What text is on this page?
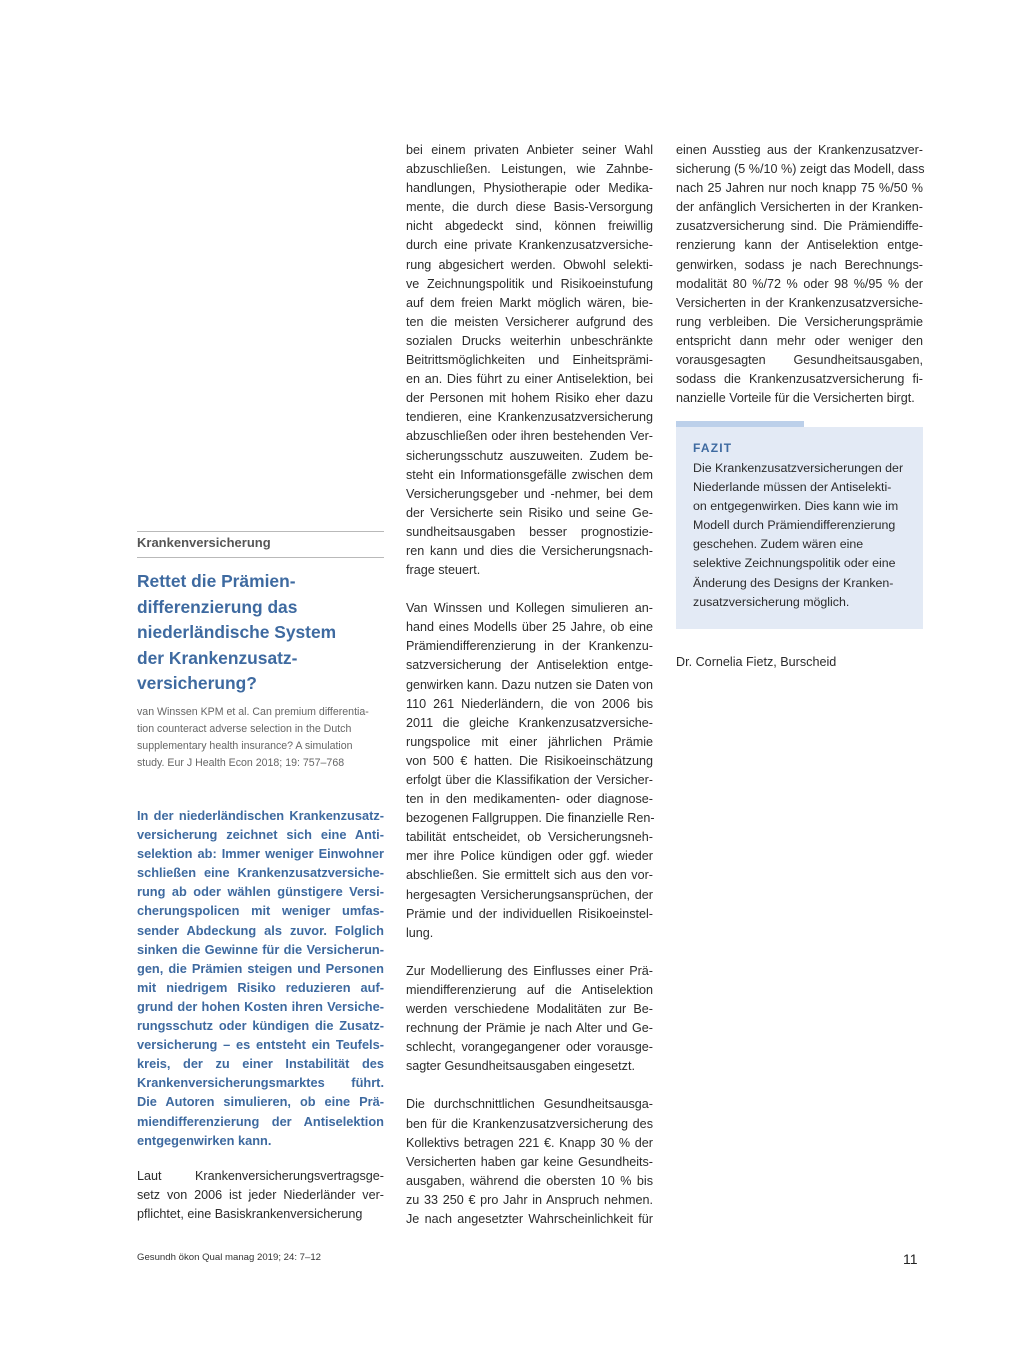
Krankenversicherung
Rettet die Prämien-
differenzierung das
niederländische System
der Krankenzusatz-
versicherung?
van Winssen KPM et al. Can premium differentia-
tion counteract adverse selection in the Dutch
supplementary health insurance? A simulation
study. Eur J Health Econ 2018; 19: 757–768
In der niederländischen Krankenzusatz-
versicherung zeichnet sich eine Anti-
selektion ab: Immer weniger Einwohner
schließen eine Krankenzusatzversiche-
rung ab oder wählen günstigere Versi-
cherungspolicen mit weniger umfas-
sender Abdeckung als zuvor. Folglich
sinken die Gewinne für die Versicherun-
gen, die Prämien steigen und Personen
mit niedrigem Risiko reduzieren auf-
grund der hohen Kosten ihren Versiche-
rungsschutz oder kündigen die Zusatz-
versicherung – es entsteht ein Teufels-
kreis, der zu einer Instabilität des
Krankenversicherungsmarktes führt.
Die Autoren simulieren, ob eine Prä-
miendifferenzierung der Antiselektion
entgegenwirken kann.
Laut Krankenversicherungsvertragsge-
setz von 2006 ist jeder Niederländer ver-
pflichtet, eine Basiskrankenversicherung
bei einem privaten Anbieter seiner Wahl
abzuschließen. Leistungen, wie Zahnbe-
handlungen, Physiotherapie oder Medika-
mente, die durch diese Basis-Versorgung
nicht abgedeckt sind, können freiwillig
durch eine private Krankenzusatzversiche-
rung abgesichert werden. Obwohl selekti-
ve Zeichnungspolitik und Risikoeinstufung
auf dem freien Markt möglich wären, bie-
ten die meisten Versicherer aufgrund des
sozialen Drucks weiterhin unbeschränkte
Beitrittsmöglichkeiten und Einheitsprämi-
en an. Dies führt zu einer Antiselektion, bei
der Personen mit hohem Risiko eher dazu
tendieren, eine Krankenzusatzversicherung
abzuschließen oder ihren bestehenden Ver-
sicherungsschutz auszuweiten. Zudem be-
steht ein Informationsgefälle zwischen dem
Versicherungsgeber und -nehmer, bei dem
der Versicherte sein Risiko und seine Ge-
sundheitsausgaben besser prognostizie-
ren kann und dies die Versicherungsnach-
frage steuert.
Van Winssen und Kollegen simulieren an-
hand eines Modells über 25 Jahre, ob eine
Prämiendifferenzierung in der Krankenzu-
satzversicherung der Antiselektion entge-
genwirken kann. Dazu nutzen sie Daten von
110 261 Niederländern, die von 2006 bis
2011 die gleiche Krankenzusatzversiche-
rungspolice mit einer jährlichen Prämie
von 500 € hatten. Die Risikoeinschätzung
erfolgt über die Klassifikation der Versicher-
ten in den medikamenten- oder diagnose-
bezogenen Fallgruppen. Die finanzielle Ren-
tabilität entscheidet, ob Versicherungsneh-
mer ihre Police kündigen oder ggf. wieder
abschließen. Sie ermittelt sich aus den vor-
hergesagten Versicherungsansprüchen, der
Prämie und der individuellen Risikoeinstel-
lung.
Zur Modellierung des Einflusses einer Prä-
miendifferenzierung auf die Antiselektion
werden verschiedene Modalitäten zur Be-
rechnung der Prämie je nach Alter und Ge-
schlecht, vorangegangener oder vorausge-
sagter Gesundheitsausgaben eingesetzt.
Die durchschnittlichen Gesundheitsausga-
ben für die Krankenzusatzversicherung des
Kollektivs betragen 221 €. Knapp 30 % der
Versicherten haben gar keine Gesundheits-
ausgaben, während die obersten 10 % bis
zu 33 250 € pro Jahr in Anspruch nehmen.
Je nach angesetzter Wahrscheinlichkeit für
einen Ausstieg aus der Krankenzusatzver-
sicherung (5 %/10 %) zeigt das Modell, dass
nach 25 Jahren nur noch knapp 75 %/50 %
der anfänglich Versicherten in der Kranken-
zusatzversicherung sind. Die Prämiendiffe-
renzierung kann der Antiselektion entge-
genwirken, sodass je nach Berechnungs-
modalität 80 %/72 % oder 98 %/95 % der
Versicherten in der Krankenzusatzversiche-
rung verbleiben. Die Versicherungsprämie
entspricht dann mehr oder weniger den
vorausgesagten Gesundheitsausgaben,
sodass die Krankenzusatzversicherung fi-
nanzielle Vorteile für die Versicherten birgt.
FAZIT
Die Krankenzusatzversicherungen der
Niederlande müssen der Antiselekti-
on entgegenwirken. Dies kann wie im
Modell durch Prämiendifferenzierung
geschehen. Zudem wären eine
selektive Zeichnungspolitik oder eine
Änderung des Designs der Kranken-
zusatzversicherung möglich.
Dr. Cornelia Fietz, Burscheid
Gesundh ökon Qual manag 2019; 24: 7–12	11
